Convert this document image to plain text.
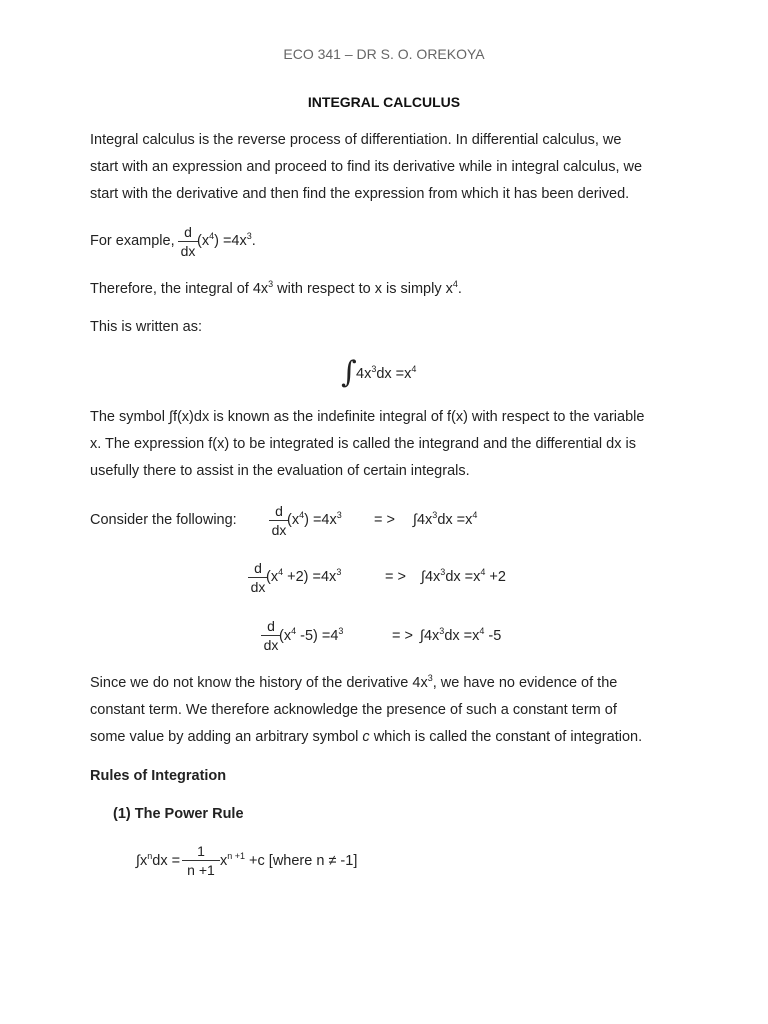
ECO 341 – DR S. O. OREKOYA
INTEGRAL CALCULUS
Integral calculus is the reverse process of differentiation. In differential calculus, we
start with an expression and proceed to find its derivative while in integral calculus, we
start with the derivative and then find the expression from which it has been derived.
For example,
d
dx
$(x^4) =4x^3$.
Therefore, the integral of $4x^3$ with respect to x is simply $x^4$.
This is written as:
∫ $4x^3dx =x^4$
The symbol ∫f(x)dx is known as the indefinite integral of f(x) with respect to the variable
x. The expression f(x) to be integrated is called the integrand and the differential dx is
usefully there to assist in the evaluation of certain integrals.
Consider the following:
d
dx
$(x^4) =4x^3$ = > $\int 4x^3dx =x^4$
d
dx
$(x^4 +2) =4x^3$	= > $\int 4x^3dx =x^4 +2$
d
dx
($x^4$ $-5) =4^3$	= > $\int 4x^3dx =x^4$ -5
Since we do not know the history of the derivative $4x^3$, we have no evidence of the
constant term. We therefore acknowledge the presence of such a constant term of
some value by adding an arbitrary symbol c which is called the constant of integration.
Rules of Integration
(1) The Power Rule
$\int x^ndx$ =
1
n +1
$x^{n +1} +c$ [where n ≠ -1]
